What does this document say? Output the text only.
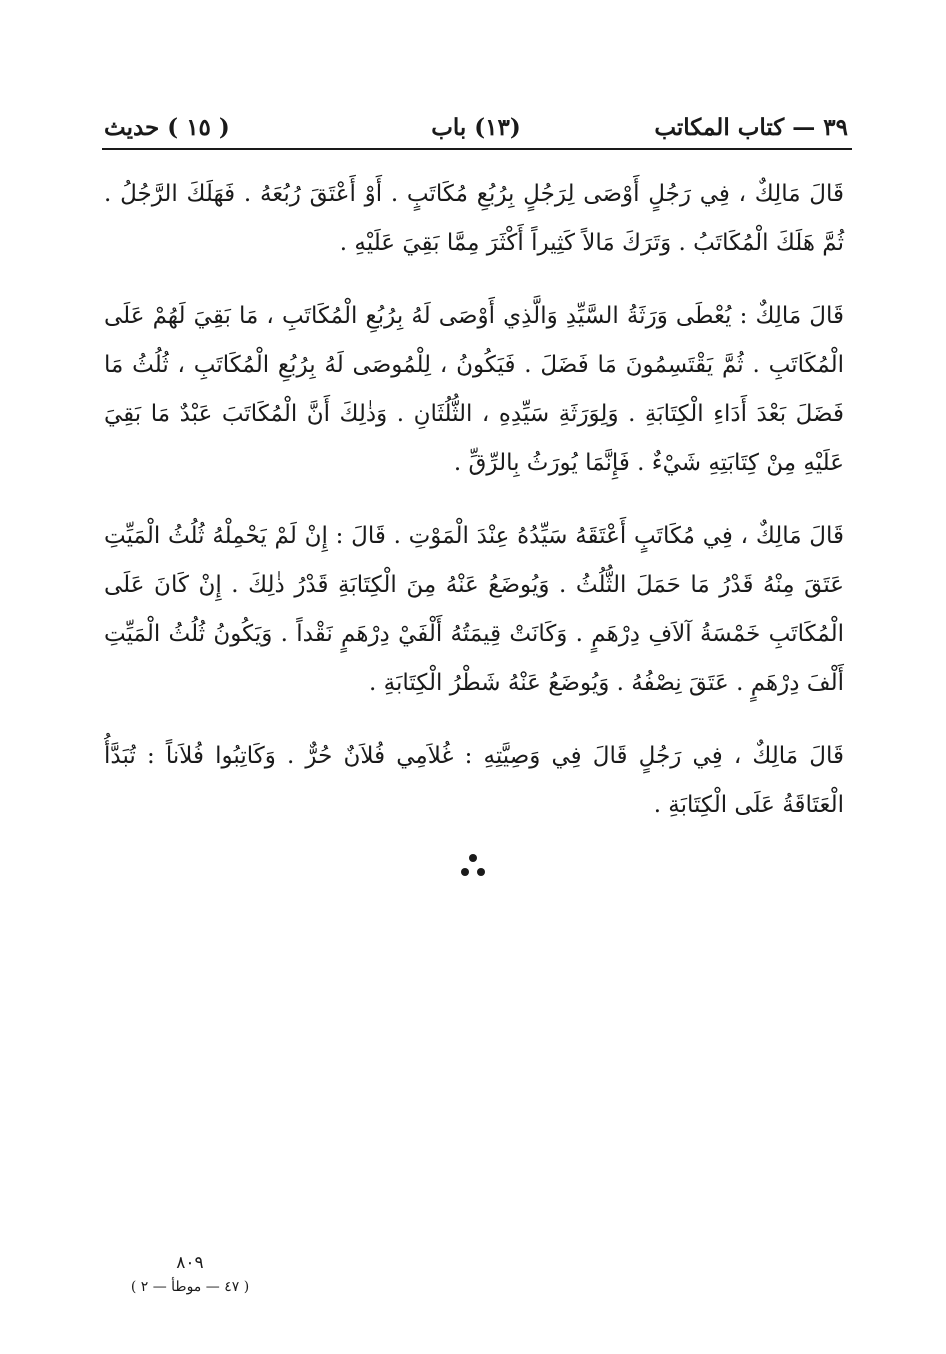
٣٩ — كتاب المكاتب
(١٣) باب
( ١٥ ) حديث

قَالَ مَالِكٌ ، فِي رَجُلٍ أَوْصَى لِرَجُلٍ بِرُبُعِ مُكَاتَبٍ . أَوْ أَعْتَقَ رُبُعَهُ . فَهَلَكَ الرَّجُلُ . ثُمَّ هَلَكَ الْمُكَاتَبُ . وَتَرَكَ مَالاً كَثِيراً أَكْثَرَ مِمَّا بَقِيَ عَلَيْهِ .

قَالَ مَالِكٌ : يُعْطَى وَرَثَةُ السَّيِّدِ وَالَّذِي أَوْصَى لَهُ بِرُبُعِ الْمُكَاتَبِ ، مَا بَقِيَ لَهُمْ عَلَى الْمُكَاتَبِ . ثُمَّ يَقْتَسِمُونَ مَا فَضَلَ . فَيَكُونُ ، لِلْمُوصَى لَهُ بِرُبُعِ الْمُكَاتَبِ ، ثُلُثُ مَا فَضَلَ بَعْدَ أَدَاءِ الْكِتَابَةِ . وَلِوَرَثَةِ سَيِّدِهِ ، الثُّلُثَانِ . وَذٰلِكَ أَنَّ الْمُكَاتَبَ عَبْدٌ مَا بَقِيَ عَلَيْهِ مِنْ كِتَابَتِهِ شَيْءٌ . فَإِنَّمَا يُورَثُ بِالرِّقِّ .

قَالَ مَالِكٌ ، فِي مُكَاتَبٍ أَعْتَقَهُ سَيِّدُهُ عِنْدَ الْمَوْتِ . قَالَ : إِنْ لَمْ يَحْمِلْهُ ثُلُثُ الْمَيِّتِ عَتَقَ مِنْهُ قَدْرُ مَا حَمَلَ الثُّلُثُ . وَيُوضَعُ عَنْهُ مِنَ الْكِتَابَةِ قَدْرُ ذٰلِكَ . إِنْ كَانَ عَلَى الْمُكَاتَبِ خَمْسَةُ آلاَفِ دِرْهَمٍ . وَكَانَتْ قِيمَتُهُ أَلْفَيْ دِرْهَمٍ نَقْداً . وَيَكُونُ ثُلُثُ الْمَيِّتِ أَلْفَ دِرْهَمٍ . عَتَقَ نِصْفُهُ . وَيُوضَعُ عَنْهُ شَطْرُ الْكِتَابَةِ .

قَالَ مَالِكٌ ، فِي رَجُلٍ قَالَ فِي وَصِيَّتِهِ : غُلاَمِي فُلاَنٌ حُرٌّ . وَكَاتِبُوا فُلاَناً : تُبَدَّأُ الْعَتَاقَةُ عَلَى الْكِتَابَةِ .

٨٠٩
( ٤٧ — موطأ — ٢ )
